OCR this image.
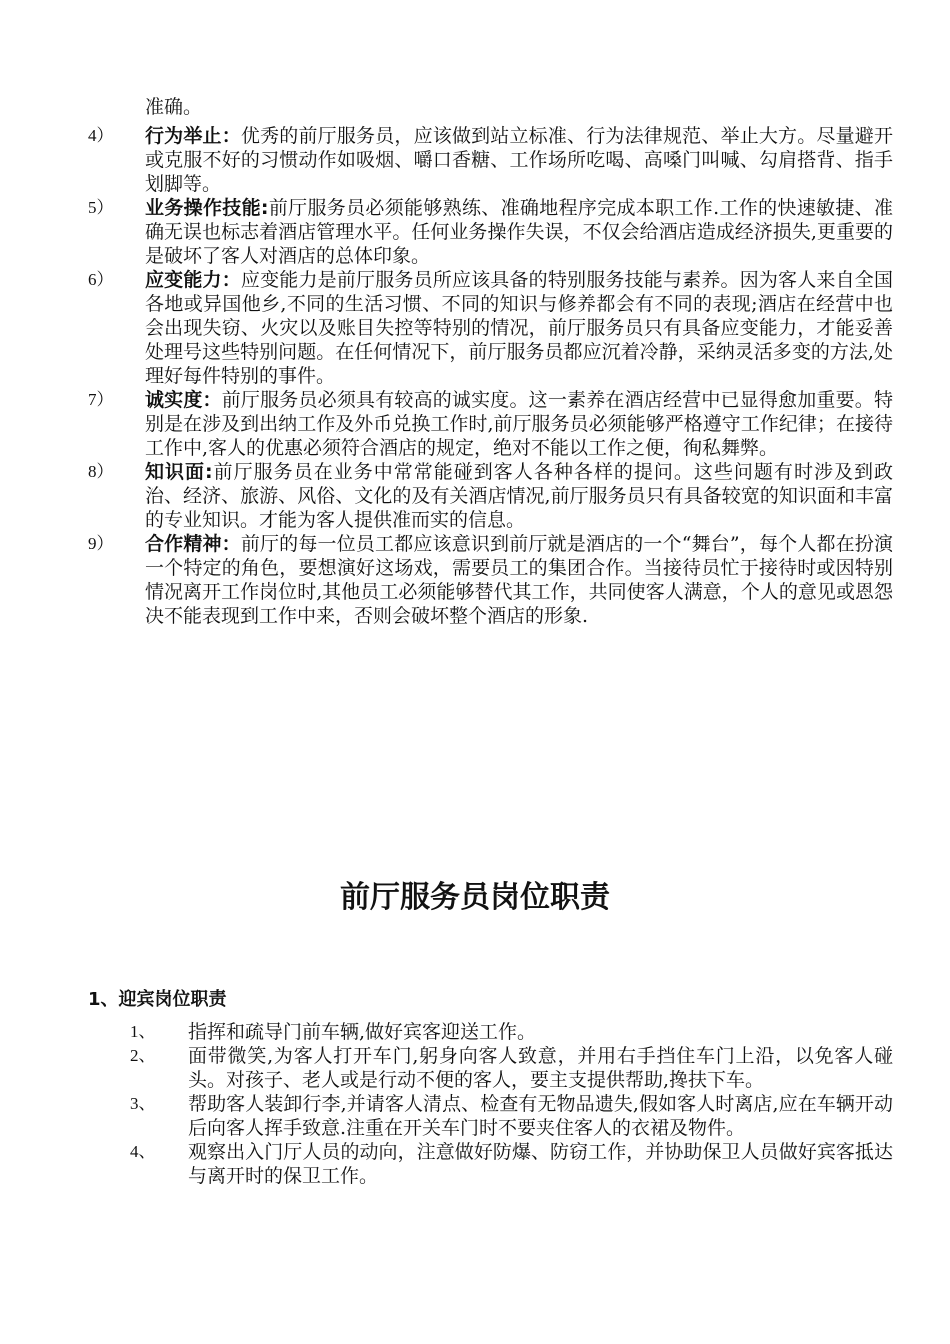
准确。

4） 行为举止：优秀的前厅服务员，应该做到站立标准、行为法律规范、举止大方。尽量避开或克服不好的习惯动作如吸烟、嚼口香糖、工作场所吃喝、高嗓门叫喊、勾肩搭背、指手划脚等。
5） 业务操作技能:前厅服务员必须能够熟练、准确地程序完成本职工作.工作的快速敏捷、准确无误也标志着酒店管理水平。任何业务操作失误，不仅会给酒店造成经济损失,更重要的是破坏了客人对酒店的总体印象。
6） 应变能力：应变能力是前厅服务员所应该具备的特别服务技能与素养。因为客人来自全国各地或异国他乡,不同的生活习惯、不同的知识与修养都会有不同的表现;酒店在经营中也会出现失窃、火灾以及账目失控等特别的情况，前厅服务员只有具备应变能力，才能妥善处理号这些特别问题。在任何情况下，前厅服务员都应沉着冷静，采纳灵活多变的方法,处理好每件特别的事件。
7） 诚实度：前厅服务员必须具有较高的诚实度。这一素养在酒店经营中已显得愈加重要。特别是在涉及到出纳工作及外币兑换工作时,前厅服务员必须能够严格遵守工作纪律；在接待工作中,客人的优惠必须符合酒店的规定，绝对不能以工作之便，徇私舞弊。
8） 知识面:前厅服务员在业务中常常能碰到客人各种各样的提问。这些问题有时涉及到政治、经济、旅游、风俗、文化的及有关酒店情况,前厅服务员只有具备较宽的知识面和丰富的专业知识。才能为客人提供准而实的信息。
9） 合作精神：前厅的每一位员工都应该意识到前厅就是酒店的一个“舞台”，每个人都在扮演一个特定的角色，要想演好这场戏，需要员工的集团合作。当接待员忙于接待时或因特别情况离开工作岗位时,其他员工必须能够替代其工作，共同使客人满意，个人的意见或恩怨决不能表现到工作中来，否则会破坏整个酒店的形象.
前厅服务员岗位职责
1、迎宾岗位职责
1、 指挥和疏导门前车辆,做好宾客迎送工作。
2、 面带微笑,为客人打开车门,躬身向客人致意，并用右手挡住车门上沿，以免客人碰头。对孩子、老人或是行动不便的客人，要主支提供帮助,搀扶下车。
3、 帮助客人装卸行李,并请客人清点、检查有无物品遗失,假如客人时离店,应在车辆开动后向客人挥手致意.注重在开关车门时不要夹住客人的衣裙及物件。
4、 观察出入门厅人员的动向，注意做好防爆、防窃工作，并协助保卫人员做好宾客抵达与离开时的保卫工作。
